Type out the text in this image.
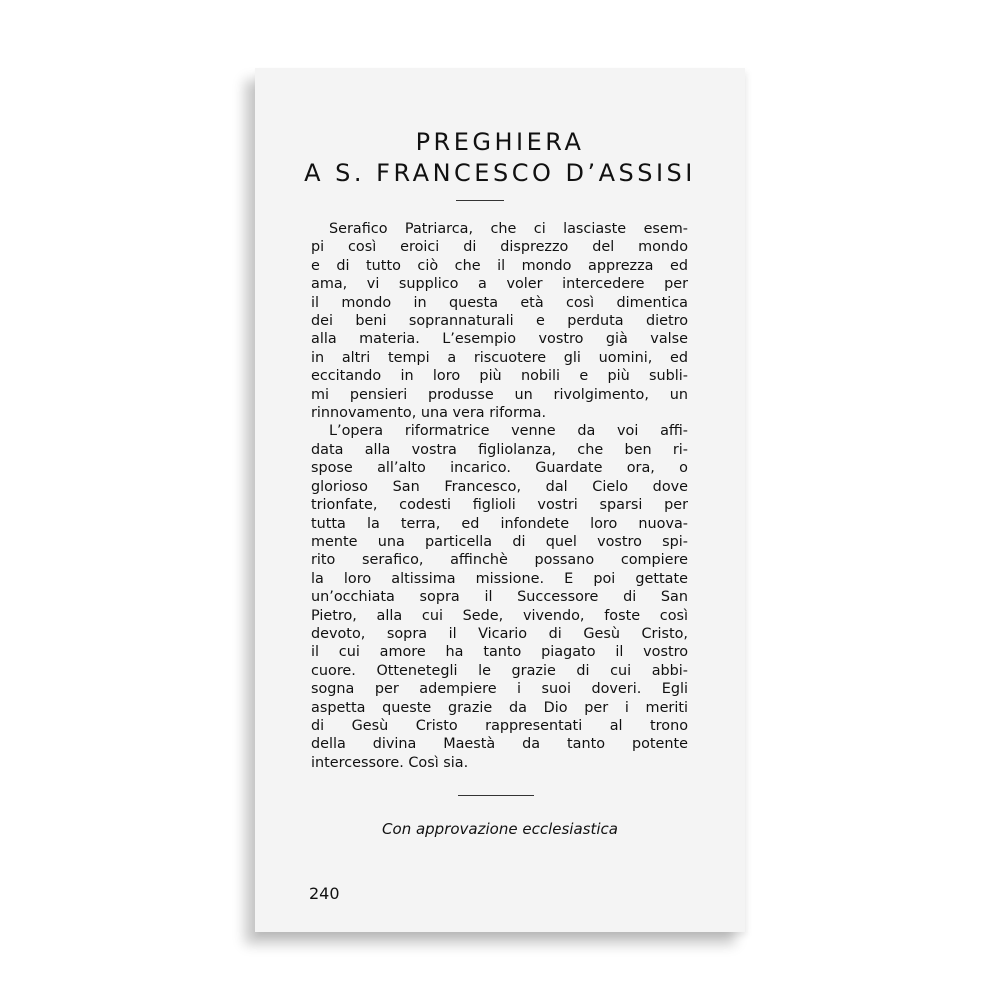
PREGHIERA
A S. FRANCESCO D’ASSISI
Serafico Patriarca, che ci lasciaste esem-
pi così eroici di disprezzo del mondo
e di tutto ciò che il mondo apprezza ed
ama, vi supplico a voler intercedere per
il mondo in questa età così dimentica
dei beni soprannaturali e perduta dietro
alla materia. L’esempio vostro già valse
in altri tempi a riscuotere gli uomini, ed
eccitando in loro più nobili e più subli-
mi pensieri produsse un rivolgimento, un
rinnovamento, una vera riforma.
L’opera riformatrice venne da voi affi-
data alla vostra figliolanza, che ben ri-
spose all’alto incarico. Guardate ora, o
glorioso San Francesco, dal Cielo dove
trionfate, codesti figlioli vostri sparsi per
tutta la terra, ed infondete loro nuova-
mente una particella di quel vostro spi-
rito serafico, affinchè possano compiere
la loro altissima missione. E poi gettate
un’occhiata sopra il Successore di San
Pietro, alla cui Sede, vivendo, foste così
devoto, sopra il Vicario di Gesù Cristo,
il cui amore ha tanto piagato il vostro
cuore. Ottenetegli le grazie di cui abbi-
sogna per adempiere i suoi doveri. Egli
aspetta queste grazie da Dio per i meriti
di Gesù Cristo rappresentati al trono
della divina Maestà da tanto potente
intercessore. Così sia.
Con approvazione ecclesiastica
240
